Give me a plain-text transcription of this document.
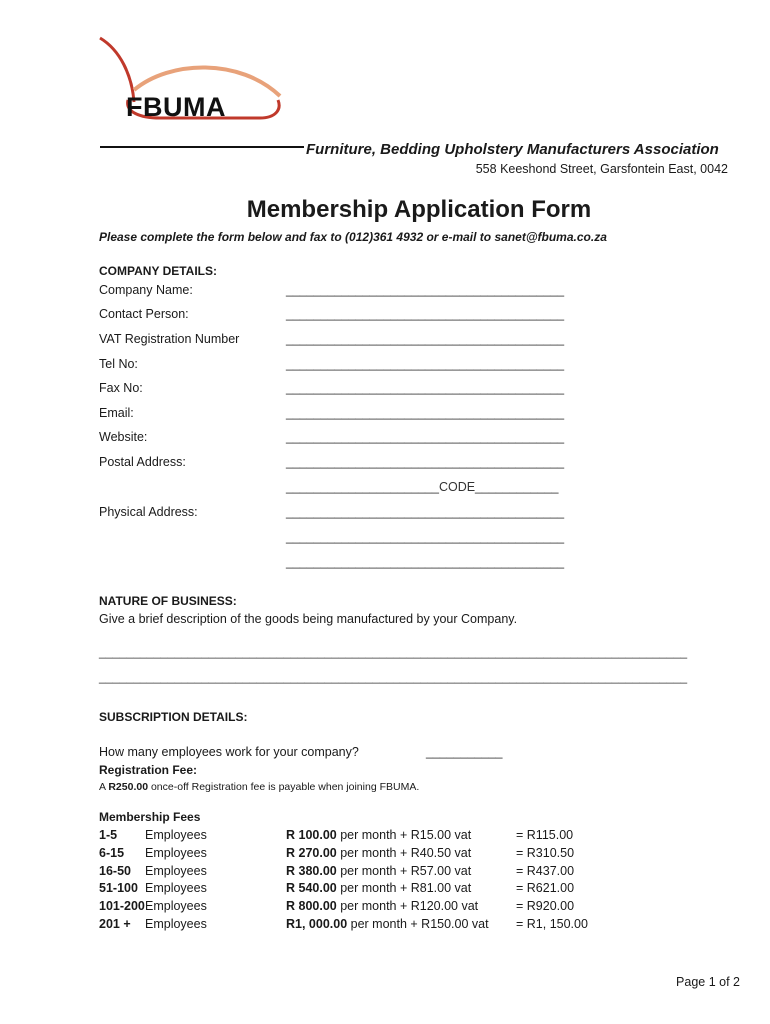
FBUMA
Furniture, Bedding Upholstery Manufacturers Association
558 Keeshond Street, Garsfontein East, 0042
Membership Application Form
Please complete the form below and fax to (012)361 4932 or e-mail to sanet@fbuma.co.za
COMPANY DETAILS:
Company Name:	________________________________________
Contact Person:	________________________________________
VAT Registration Number	________________________________________
Tel No:	________________________________________
Fax No:	________________________________________
Email:	________________________________________
Website:	________________________________________
Postal Address:	________________________________________
______________________CODE____________
Physical Address:	________________________________________
________________________________________
________________________________________
NATURE OF BUSINESS:
Give a brief description of the goods being manufactured by your Company.
______________________________________________________________________________________
______________________________________________________________________________________
SUBSCRIPTION DETAILS:
How many employees work for your company?	___________
Registration Fee:
A R250.00 once-off Registration fee is payable when joining FBUMA.
Membership Fees
1-5 Employees	R 100.00 per month + R15.00 vat	= R115.00
6-15 Employees	R 270.00 per month + R40.50 vat	= R310.50
16-50 Employees	R 380.00 per month + R57.00 vat	= R437.00
51-100 Employees	R 540.00 per month + R81.00 vat	= R621.00
101-200 Employees	R 800.00 per month + R120.00 vat	= R920.00
201 + Employees	R1, 000.00 per month + R150.00 vat = R1, 150.00
Page 1 of 2
